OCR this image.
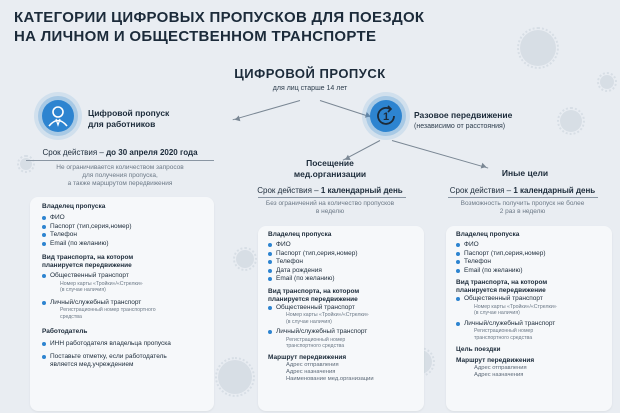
КАТЕГОРИИ ЦИФРОВЫХ ПРОПУСКОВ ДЛЯ ПОЕЗДОК
НА ЛИЧНОМ И ОБЩЕСТВЕННОМ ТРАНСПОРТЕ
ЦИФРОВОЙ ПРОПУСК
для лиц старше 14 лет
Цифровой пропуск
для работников
Срок действия – до 30 апреля 2020 года
Не ограничивается количеством запросов
для получения пропуска,
а также маршрутом передвижения
Владелец пропуска
ФИО
Паспорт (тип,серия,номер)
Телефон
Email (по желанию)
Вид транспорта, на котором
планируется передвижение
Общественный транспорт
Номер карты «Тройки»/«Стрелки»
(в случае наличия)
Личный/служебный транспорт
Регистрационный номер транспортного
средства
Работодатель
ИНН работодателя владельца пропуска
Поставьте отметку, если работодатель
является мед.учреждением
1	Разовое передвижение
(независимо от расстояния)
Посещение
мед.организации
Срок действия – 1 календарный день
Без ограничений на количество пропусков
в неделю
Владелец пропуска
ФИО
Паспорт (тип,серия,номер)
Телефон
Дата рождения
Email (по желанию)
Вид транспорта, на котором
планируется передвижение
Общественный транспорт
Номер карты «Тройки»/«Стрелки»
(в случае наличия)
Личный/служебный транспорт
Регистрационный номер
транспортного средства
Маршрут передвижения
Адрес отправления
Адрес назначения
Наименование мед.организации
Иные цели
Срок действия – 1 календарный день
Возможность получить пропуск не более
2 раз в неделю
Владелец пропуска
ФИО
Паспорт (тип,серия,номер)
Телефон
Email (по желанию)
Вид транспорта, на котором
планируется передвижение
Общественный транспорт
Номер карты «Тройки»/«Стрелки»
(в случае наличия)
Личный/служебный транспорт
Регистрационный номер
транспортного средства
Цель поездки
Маршрут передвижения
Адрес отправления
Адрес назначения
